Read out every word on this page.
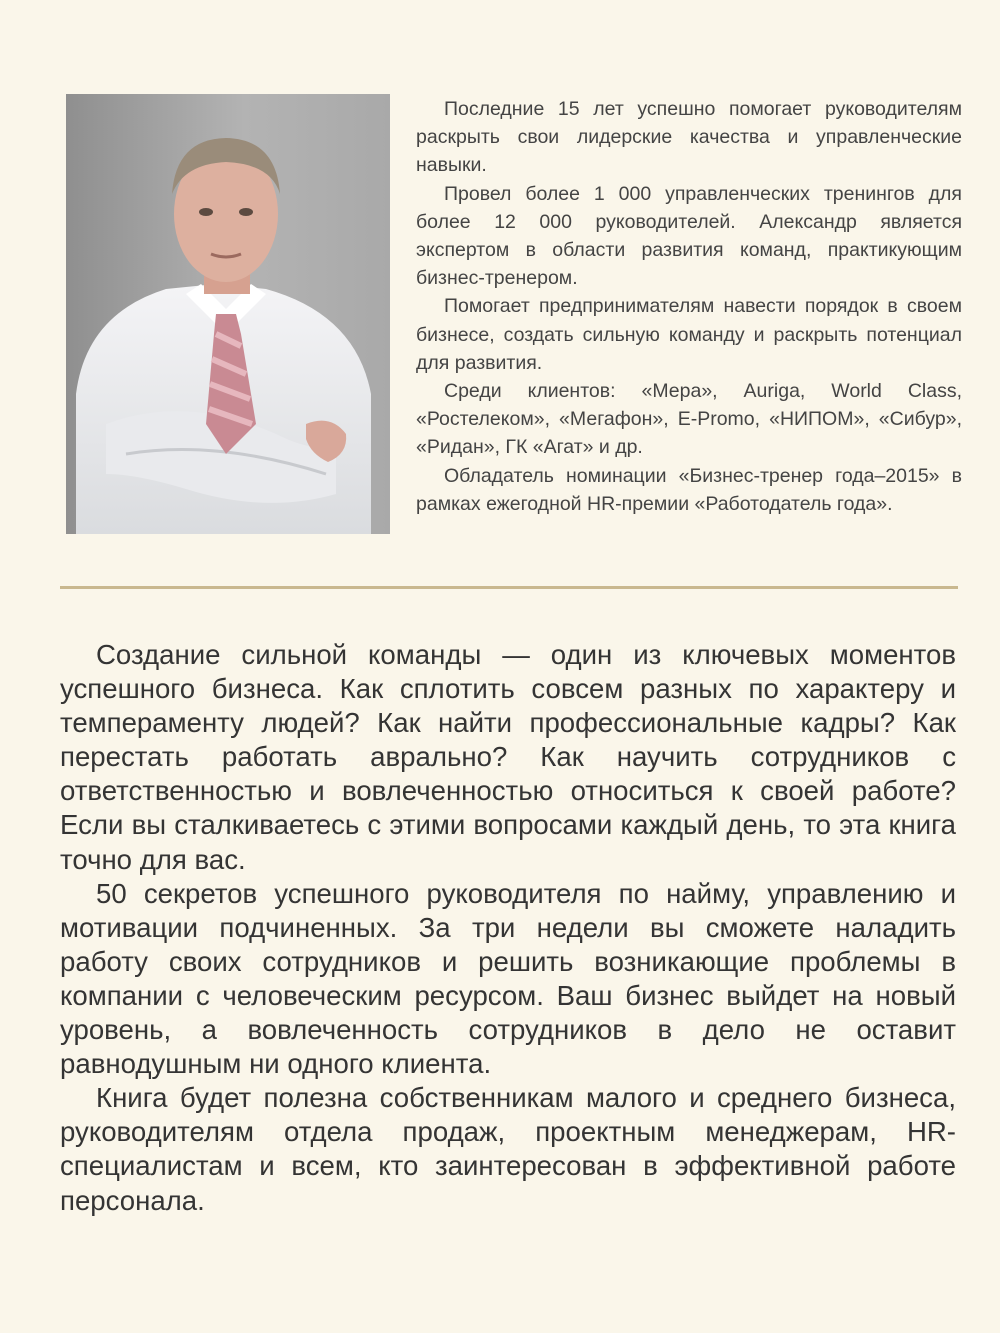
Последние 15 лет успешно помогает руководителям раскрыть свои лидерские качества и управленческие навыки.

Провел более 1 000 управленческих тренингов для более 12 000 руководителей. Александр является экспертом в области развития команд, практикующим бизнес-тренером.

Помогает предпринимателям навести порядок в своем бизнесе, создать сильную команду и раскрыть потенциал для развития.

Среди клиентов: «Мера», Auriga, World Class, «Ростелеком», «Мегафон», E-Promo, «НИПОМ», «Сибур», «Ридан», ГК «Агат» и др.

Обладатель номинации «Бизнес-тренер года–2015» в рамках ежегодной HR-премии «Работодатель года».

Создание сильной команды — один из ключевых моментов успешного бизнеса. Как сплотить совсем разных по характеру и темпераменту людей? Как найти профессиональные кадры? Как перестать работать аврально? Как научить сотрудников с ответственностью и вовлеченностью относиться к своей работе? Если вы сталкиваетесь с этими вопросами каждый день, то эта книга точно для вас.

50 секретов успешного руководителя по найму, управлению и мотивации подчиненных. За три недели вы сможете наладить работу своих сотрудников и решить возникающие проблемы в компании с человеческим ресурсом. Ваш бизнес выйдет на новый уровень, а вовлеченность сотрудников в дело не оставит равнодушным ни одного клиента.

Книга будет полезна собственникам малого и среднего бизнеса, руководителям отдела продаж, проектным менеджерам, HR-специалистам и всем, кто заинтересован в эффективной работе персонала.
